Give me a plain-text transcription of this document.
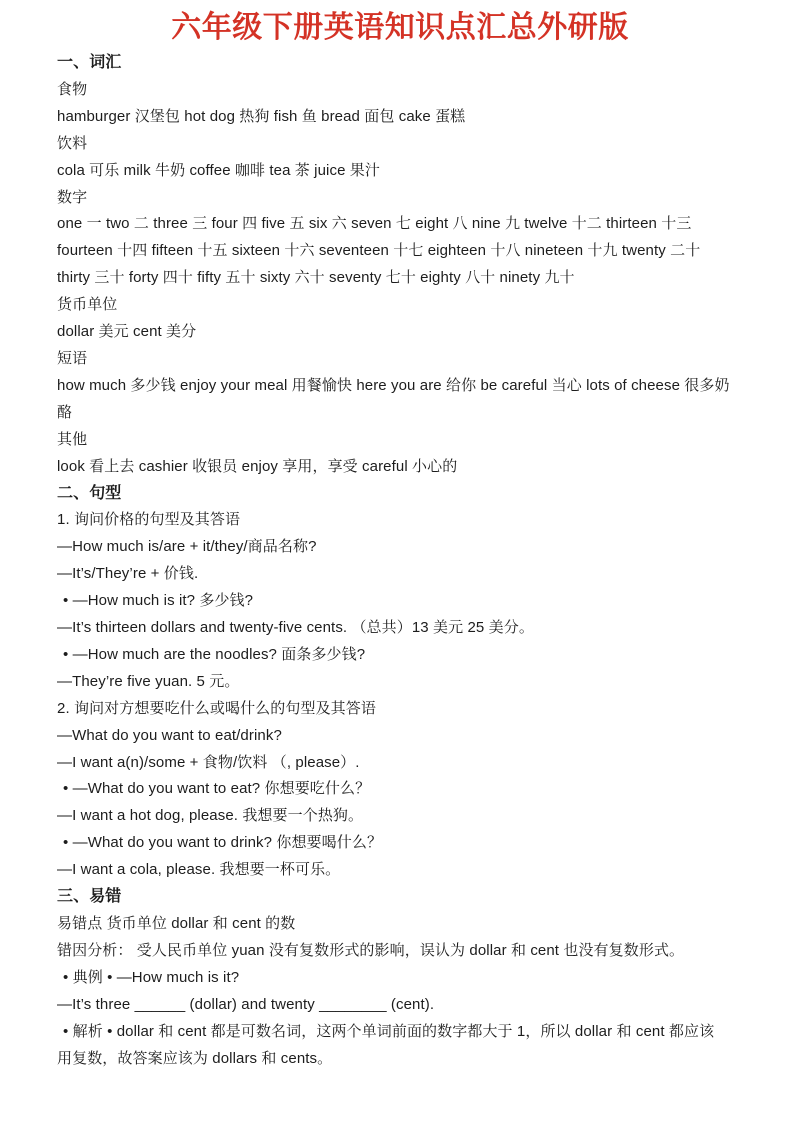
六年级下册英语知识点汇总外研版
一、词汇
食物
hamburger 汉堡包 hot dog 热狗 fish 鱼 bread 面包 cake 蛋糕
饮料
cola 可乐 milk 牛奶 coffee 咖啡 tea 茶 juice 果汁
数字
one 一 two 二 three 三 four 四 five 五 six 六 seven 七 eight 八 nine 九 twelve 十二 thirteen 十三
fourteen 十四 fifteen 十五 sixteen 十六 seventeen 十七 eighteen 十八 nineteen 十九 twenty 二十
thirty 三十 forty 四十 fifty 五十 sixty 六十 seventy 七十 eighty 八十 ninety 九十
货币单位
dollar 美元 cent 美分
短语
how much 多少钱 enjoy your meal 用餐愉快 here you are 给你 be careful 当心 lots of cheese 很多奶
酪
其他
look 看上去 cashier 收银员 enjoy 享用，享受 careful 小心的
二、句型
1. 询问价格的句型及其答语
—How much is/are + it/they/商品名称?
—It’s/They’re + 价钱.
• —How much is it? 多少钱?
—It’s thirteen dollars and twenty-five cents. （总共）13 美元 25 美分。
• —How much are the noodles? 面条多少钱?
—They’re five yuan. 5 元。
2. 询问对方想要吃什么或喝什么的句型及其答语
—What do you want to eat/drink?
—I want a(n)/some + 食物/饮料 （, please）.
• —What do you want to eat? 你想要吃什么？
—I want a hot dog, please. 我想要一个热狗。
• —What do you want to drink? 你想要喝什么？
—I want a cola, please. 我想要一杯可乐。
三、易错
易错点 货币单位 dollar 和 cent 的数
错因分析： 受人民币单位 yuan 没有复数形式的影响，误认为 dollar 和 cent 也没有复数形式。
• 典例 • —How much is it?
—It’s three ______ (dollar) and twenty ________ (cent).
• 解析 • dollar 和 cent 都是可数名词，这两个单词前面的数字都大于 1，所以 dollar 和 cent 都应该
用复数，故答案应该为 dollars 和 cents。
